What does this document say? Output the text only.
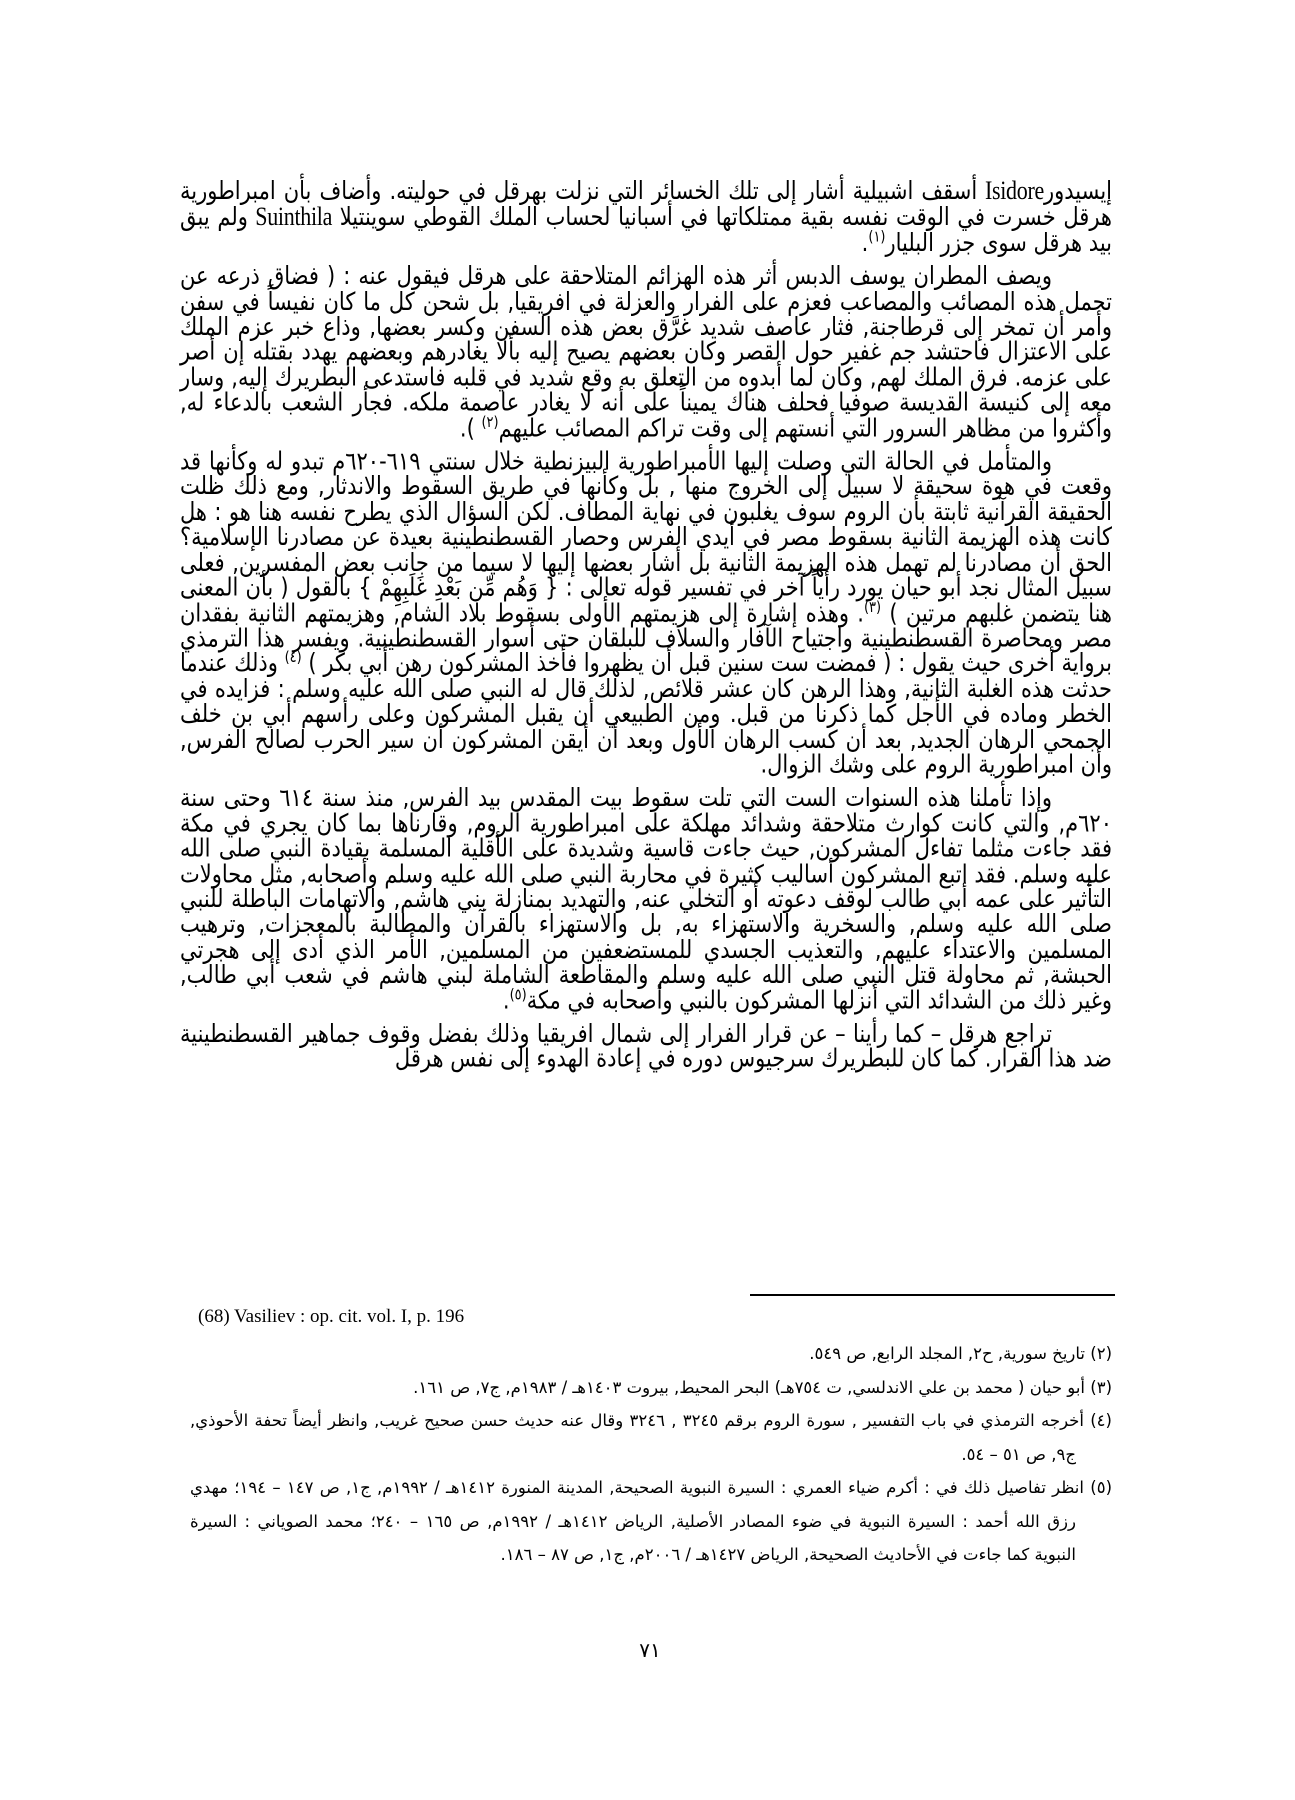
إيسيدورIsidore أسقف اشبيلية أشار إلى تلك الخسائر التي نزلت بهرقل في حوليته. وأضاف بأن امبراطورية هرقل خسرت في الوقت نفسه بقية ممتلكاتها في أسبانيا لحساب الملك القوطي سوينتيلا Suinthila ولم يبق بيد هرقل سوى جزر البليار$^{(١)}$.

ويصف المطران يوسف الدبس أثر هذه الهزائم المتلاحقة على هرقل فيقول عنه : ( فضاق ذرعه عن تحمل هذه المصائب والمصاعب فعزم على الفرار والعزلة في افريقيا, بل شحن كل ما كان نفيساً في سفن وأمر أن تمخر إلى قرطاجنة, فثار عاصف شديد غرَّق بعض هذه السفن وكسر بعضها, وذاع خبر عزم الملك على الاعتزال فاحتشد جم غفير حول القصر وكان بعضهم يصيح إليه بألا يغادرهم وبعضهم يهدد بقتله إن أصر على عزمه. فرق الملك لهم, وكان لما أبدوه من التعلق به وقع شديد في قلبه فاستدعى البطريرك إليه, وسار معه إلى كنيسة القديسة صوفيا فحلف هناك يميناً على أنه لا يغادر عاصمة ملكه. فجأر الشعب بالدعاء له, وأكثروا من مظاهر السرور التي أنستهم إلى وقت تراكم المصائب عليهم$^{(٢)}$ ).

والمتأمل في الحالة التي وصلت إليها الأمبراطورية البيزنطية خلال سنتي ٦١٩-٦٢٠م تبدو له وكأنها قد وقعت في هوة سحيقة لا سبيل إلى الخروج منها , بل وكأنها في طريق السقوط والاندثار, ومع ذلك ظلت الحقيقة القرآنية ثابتة بأن الروم سوف يغلبون في نهاية المطاف. لكن السؤال الذي يطرح نفسه هنا هو : هل كانت هذه الهزيمة الثانية بسقوط مصر في أيدي الفرس وحصار القسطنطينية بعيدة عن مصادرنا الإسلامية؟ الحق أن مصادرنا لم تهمل هذه الهزيمة الثانية بل أشار بعضها إليها لا سيما من جانب بعض المفسرين, فعلى سبيل المثال نجد أبو حيان يورد رأياً آخر في تفسير قوله تعالى : { وَهُم مِّن بَعْدِ غَلَبِهِمْ } بالقول ( بأن المعنى هنا يتضمن غلبهم مرتين ) $^{(٣)}$. وهذه إشارة إلى هزيمتهم الأولى بسقوط بلاد الشام, وهزيمتهم الثانية بفقدان مصر ومحاصرة القسطنطينية واجتياح الآفار والسلاف للبلقان حتى أسوار القسطنطينية. ويفسر هذا الترمذي برواية أخرى حيث يقول : ( فمضت ست سنين قبل أن يظهروا فأخذ المشركون رهن أبي بكر ) $^{(٤)}$ وذلك عندما حدثت هذه الغلبة الثانية, وهذا الرهن كان عشر قلائص, لذلك قال له النبي صلى الله عليه وسلم : فزايده في الخطر وماده في الأجل كما ذكرنا من قبل. ومن الطبيعي أن يقبل المشركون وعلى رأسهم أبي بن خلف الجمحي الرهان الجديد, بعد أن كسب الرهان الأول وبعد أن أيقن المشركون أن سير الحرب لصالح الفرس, وأن امبراطورية الروم على وشك الزوال.

وإذا تأملنا هذه السنوات الست التي تلت سقوط بيت المقدس بيد الفرس, منذ سنة ٦١٤ وحتى سنة ٦٢٠م, والتي كانت كوارث متلاحقة وشدائد مهلكة على امبراطورية الروم, وقارناها بما كان يجري في مكة فقد جاءت مثلما تفاءل المشركون, حيث جاءت قاسية وشديدة على الأقلية المسلمة بقيادة النبي صلى الله عليه وسلم. فقد اتبع المشركون أساليب كثيرة في محاربة النبي صلى الله عليه وسلم وأصحابه, مثل محاولات التأثير على عمه أبي طالب لوقف دعوته أو التخلي عنه, والتهديد بمنازلة بني هاشم, والاتهامات الباطلة للنبي صلى الله عليه وسلم, والسخرية والاستهزاء به, بل والاستهزاء بالقرآن والمطالبة بالمعجزات, وترهيب المسلمين والاعتداء عليهم, والتعذيب الجسدي للمستضعفين من المسلمين, الأمر الذي أدى إلى هجرتي الحبشة, ثم محاولة قتل النبي صلى الله عليه وسلم والمقاطعة الشاملة لبني هاشم في شعب أبي طالب, وغير ذلك من الشدائد التي أنزلها المشركون بالنبي وأصحابه في مكة$^{(٥)}$.

تراجع هرقل – كما رأينا – عن قرار الفرار إلى شمال افريقيا وذلك بفضل وقوف جماهير القسطنطينية ضد هذا القرار. كما كان للبطريرك سرجيوس دوره في إعادة الهدوء إلى نفس هرقل

(68) Vasiliev : op. cit. vol. I, p. 196

(٢) تاريخ سورية, ح٢, المجلد الرابع, ص ٥٤٩.

(٣) أبو حيان ( محمد بن علي الاندلسي, ت ٧٥٤هـ) البحر المحيط, بيروت ١٤٠٣هـ / ١٩٨٣م, ج٧, ص ١٦١.

(٤) أخرجه الترمذي في باب التفسير , سورة الروم برقم ٣٢٤٥ , ٣٢٤٦ وقال عنه حديث حسن صحيح غريب, وانظر أيضاً تحفة الأحوذي, ج٩, ص ٥١ – ٥٤.

(٥) انظر تفاصيل ذلك في : أكرم ضياء العمري : السيرة النبوية الصحيحة, المدينة المنورة ١٤١٢هـ / ١٩٩٢م, ج١, ص ١٤٧ – ١٩٤؛ مهدي رزق الله أحمد : السيرة النبوية في ضوء المصادر الأصلية, الرياض ١٤١٢هـ / ١٩٩٢م, ص ١٦٥ – ٢٤٠؛ محمد الصوياني : السيرة النبوية كما جاءت في الأحاديث الصحيحة, الرياض ١٤٢٧هـ / ٢٠٠٦م, ج١, ص ٨٧ – ١٨٦.

٧١
